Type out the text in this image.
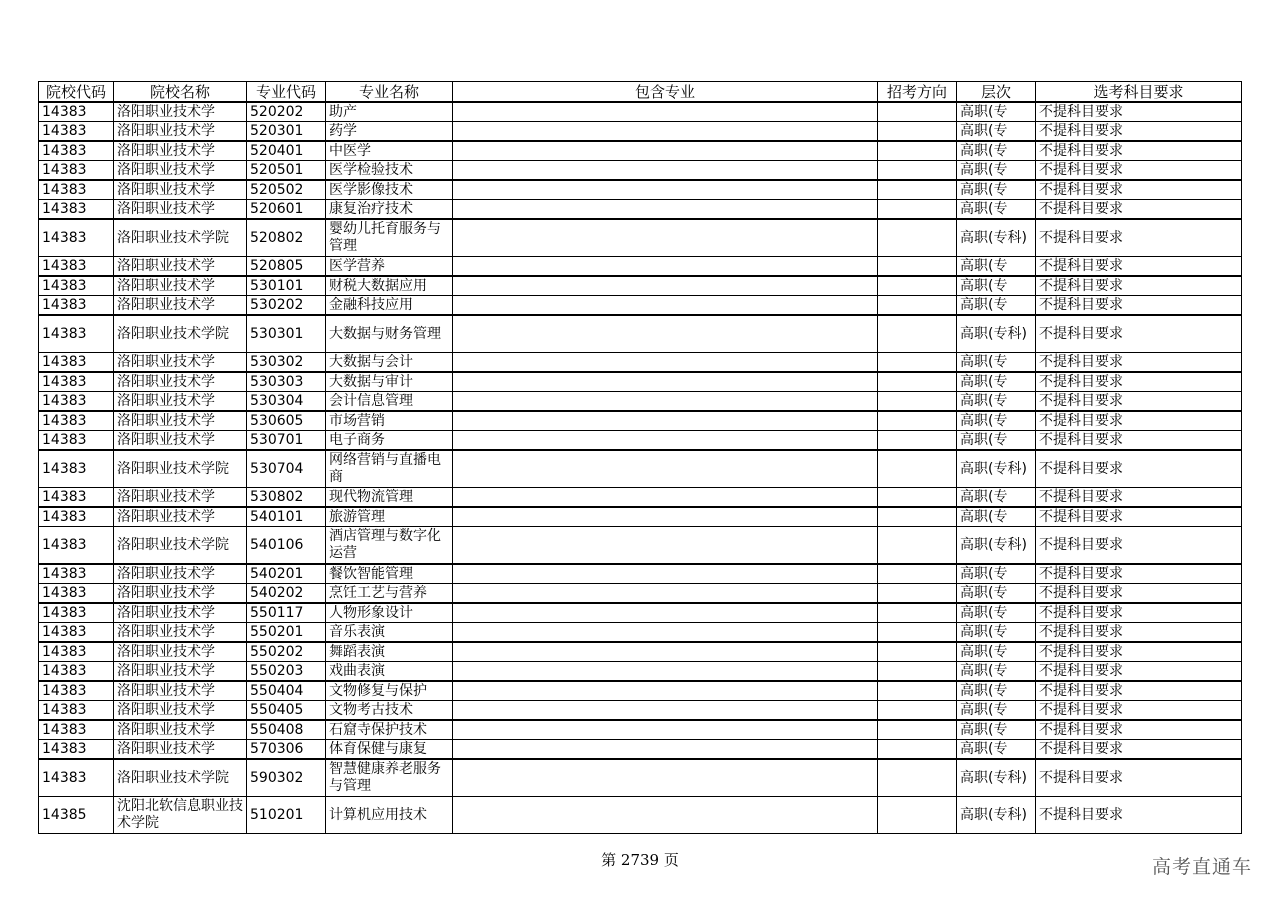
院校代码	院校名称	专业代码	专业名称	包含专业	招考方向	层次	选考科目要求
14383	洛阳职业技术学	520202	助产			高职(专	不提科目要求
14383	洛阳职业技术学	520301	药学			高职(专	不提科目要求
14383	洛阳职业技术学	520401	中医学			高职(专	不提科目要求
14383	洛阳职业技术学	520501	医学检验技术			高职(专	不提科目要求
14383	洛阳职业技术学	520502	医学影像技术			高职(专	不提科目要求
14383	洛阳职业技术学	520601	康复治疗技术			高职(专	不提科目要求
14383	洛阳职业技术学院	520802	婴幼儿托育服务与管理			高职(专科)	不提科目要求
14383	洛阳职业技术学	520805	医学营养			高职(专	不提科目要求
14383	洛阳职业技术学	530101	财税大数据应用			高职(专	不提科目要求
14383	洛阳职业技术学	530202	金融科技应用			高职(专	不提科目要求
14383	洛阳职业技术学院	530301	大数据与财务管理			高职(专科)	不提科目要求
14383	洛阳职业技术学	530302	大数据与会计			高职(专	不提科目要求
14383	洛阳职业技术学	530303	大数据与审计			高职(专	不提科目要求
14383	洛阳职业技术学	530304	会计信息管理			高职(专	不提科目要求
14383	洛阳职业技术学	530605	市场营销			高职(专	不提科目要求
14383	洛阳职业技术学	530701	电子商务			高职(专	不提科目要求
14383	洛阳职业技术学院	530704	网络营销与直播电商			高职(专科)	不提科目要求
14383	洛阳职业技术学	530802	现代物流管理			高职(专	不提科目要求
14383	洛阳职业技术学	540101	旅游管理			高职(专	不提科目要求
14383	洛阳职业技术学院	540106	酒店管理与数字化运营			高职(专科)	不提科目要求
14383	洛阳职业技术学	540201	餐饮智能管理			高职(专	不提科目要求
14383	洛阳职业技术学	540202	烹饪工艺与营养			高职(专	不提科目要求
14383	洛阳职业技术学	550117	人物形象设计			高职(专	不提科目要求
14383	洛阳职业技术学	550201	音乐表演			高职(专	不提科目要求
14383	洛阳职业技术学	550202	舞蹈表演			高职(专	不提科目要求
14383	洛阳职业技术学	550203	戏曲表演			高职(专	不提科目要求
14383	洛阳职业技术学	550404	文物修复与保护			高职(专	不提科目要求
14383	洛阳职业技术学	550405	文物考古技术			高职(专	不提科目要求
14383	洛阳职业技术学	550408	石窟寺保护技术			高职(专	不提科目要求
14383	洛阳职业技术学	570306	体育保健与康复			高职(专	不提科目要求
14383	洛阳职业技术学院	590302	智慧健康养老服务与管理			高职(专科)	不提科目要求
14385	沈阳北软信息职业技术学院	510201	计算机应用技术			高职(专科)	不提科目要求
第 2739 页	高考直通车
